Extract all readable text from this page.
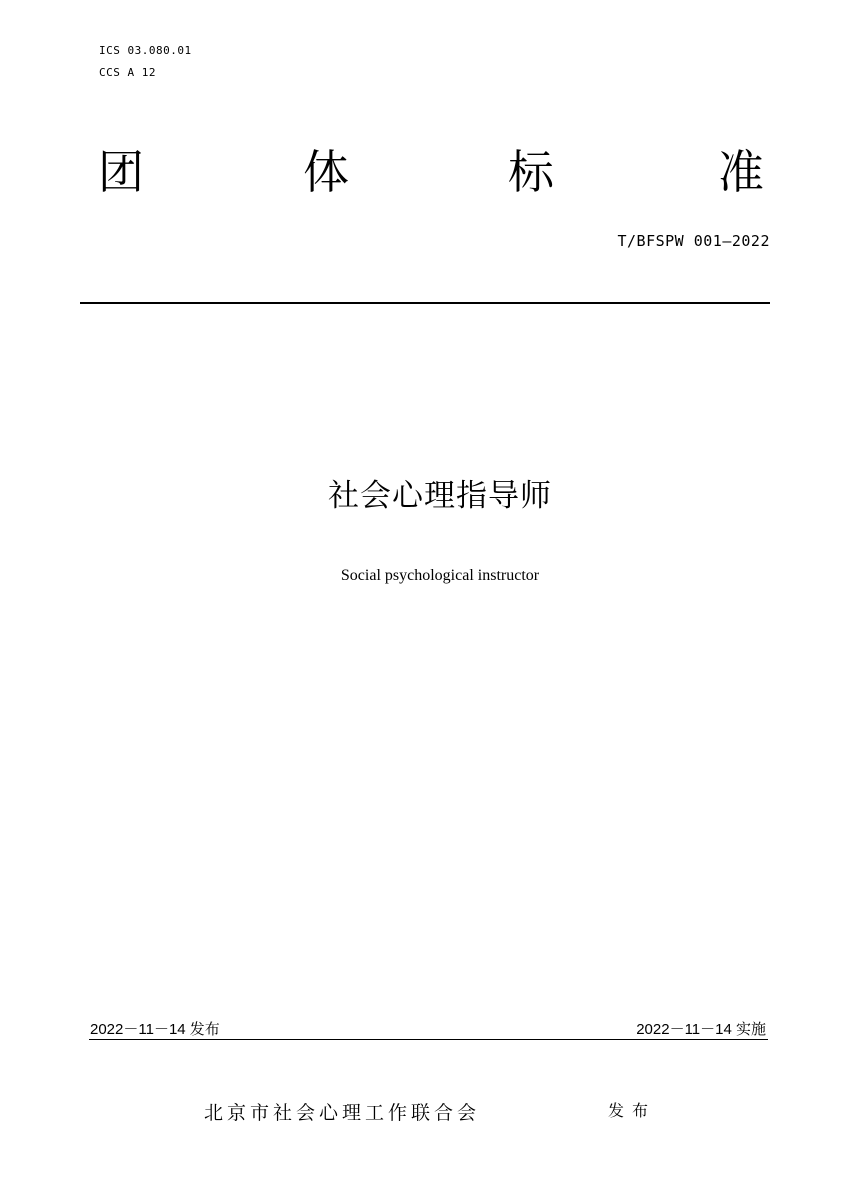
ICS 03.080.01
CCS A 12
团	体	标	准
T/BFSPW 001—2022
社会心理指导师
Social psychological instructor
2022－11－14 发布	2022－11－14 实施
北京市社会心理工作联合会	发布
